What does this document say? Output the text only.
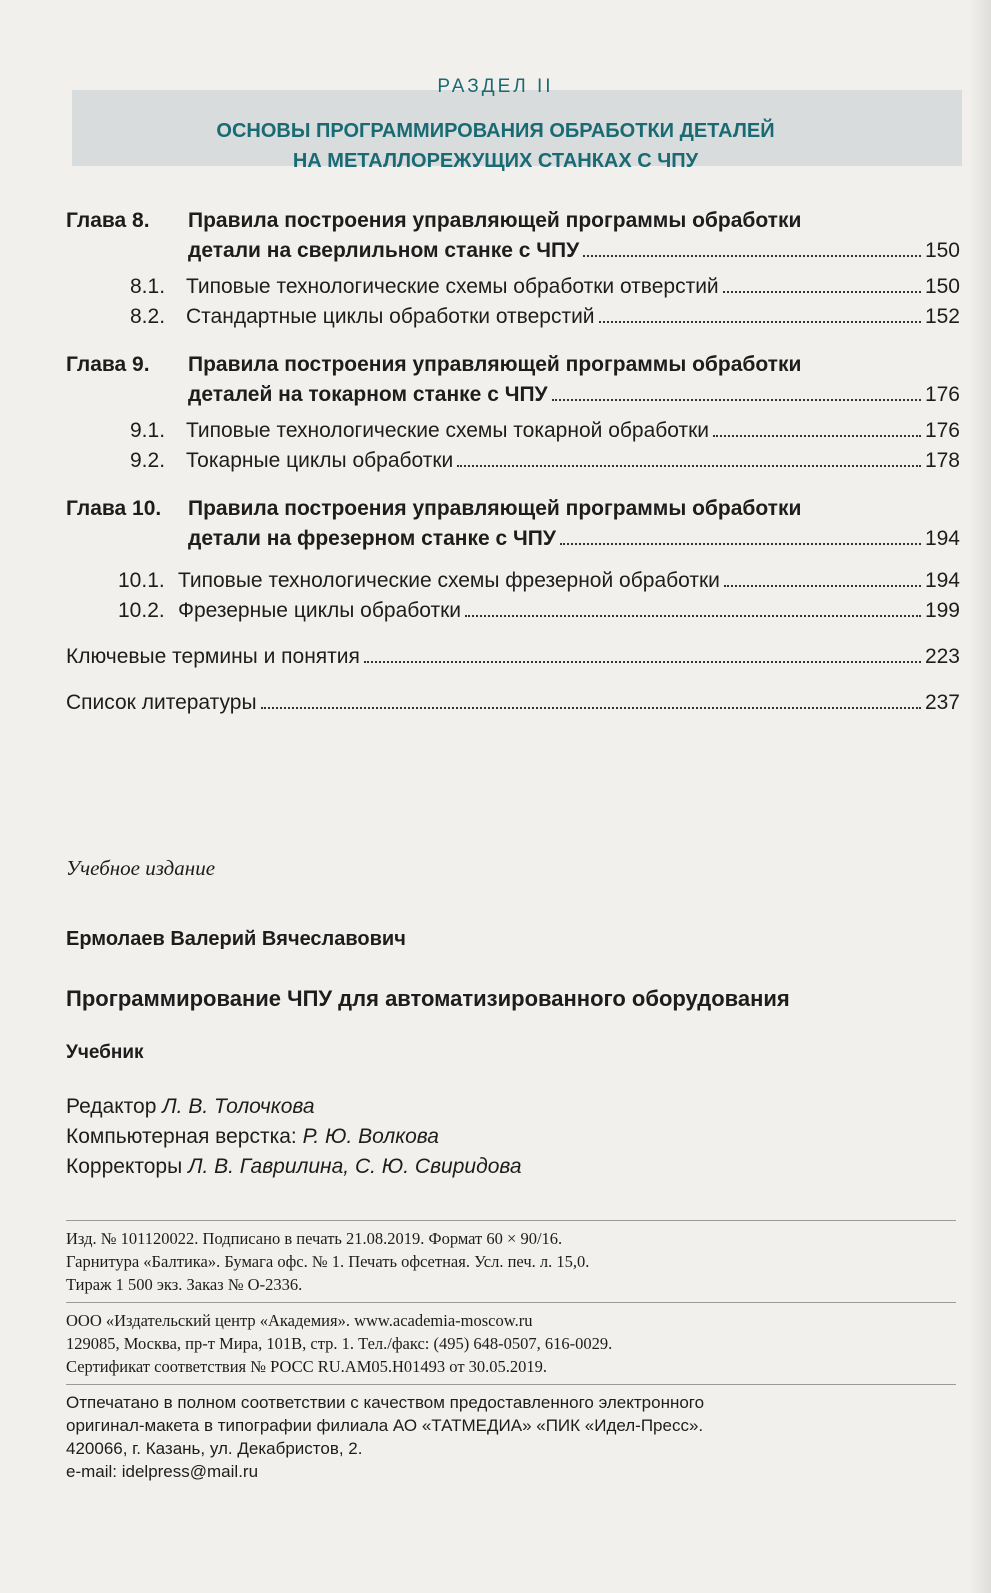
РАЗДЕЛ II
ОСНОВЫ ПРОГРАММИРОВАНИЯ ОБРАБОТКИ ДЕТАЛЕЙ
НА МЕТАЛЛОРЕЖУЩИХ СТАНКАХ С ЧПУ
Глава 8.	Правила построения управляющей программы обработки
детали на сверлильном станке с ЧПУ	150
8.1. Типовые технологические схемы обработки отверстий	150
8.2. Стандартные циклы обработки отверстий	152
Глава 9.	Правила построения управляющей программы обработки
деталей на токарном станке с ЧПУ	176
9.1. Типовые технологические схемы токарной обработки	176
9.2. Токарные циклы обработки	178
Глава 10.	Правила построения управляющей программы обработки
детали на фрезерном станке с ЧПУ	194
10.1. Типовые технологические схемы фрезерной обработки	194
10.2. Фрезерные циклы обработки	199
Ключевые термины и понятия	223
Список литературы	237
Учебное издание
Ермолаев Валерий Вячеславович
Программирование ЧПУ для автоматизированного оборудования
Учебник
Редактор Л. В. Толочкова
Компьютерная верстка: Р. Ю. Волкова
Корректоры Л. В. Гаврилина, С. Ю. Свиридова
Изд. № 101120022. Подписано в печать 21.08.2019. Формат 60 × 90/16.
Гарнитура «Балтика». Бумага офс. № 1. Печать офсетная. Усл. печ. л. 15,0.
Тираж 1 500 экз. Заказ № О-2336.
ООО «Издательский центр «Академия». www.academia-moscow.ru
129085, Москва, пр-т Мира, 101В, стр. 1. Тел./факс: (495) 648-0507, 616-0029.
Сертификат соответствия № РОСС RU.АМ05.Н01493 от 30.05.2019.
Отпечатано в полном соответствии с качеством предоставленного электронного
оригинал-макета в типографии филиала АО «ТАТМЕДИА» «ПИК «Идел-Пресс».
420066, г. Казань, ул. Декабристов, 2.
e-mail: idelpress@mail.ru
